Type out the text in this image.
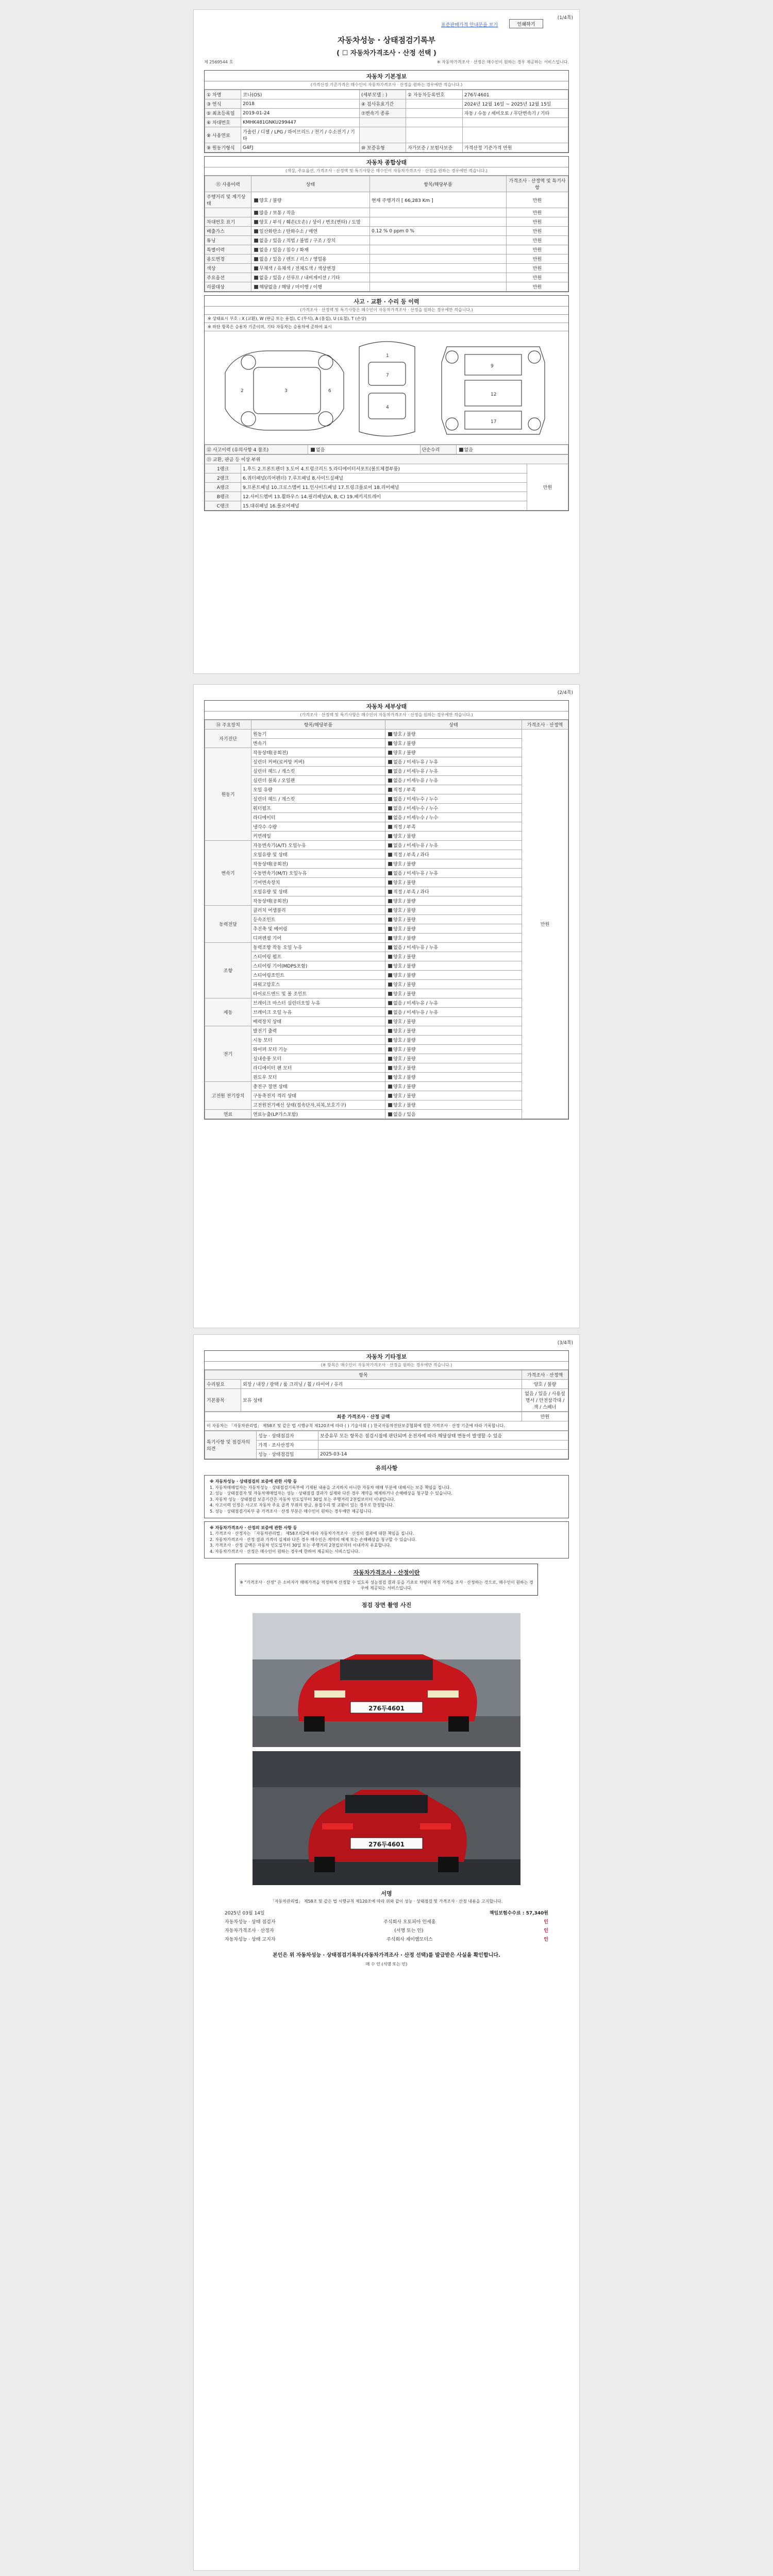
표준판매가격 안내문을 보기	인쇄하기
(1/4쪽)
자동차성능 · 상태점검기록부
( ☐ 자동차가격조사 · 산정 선택 )
제 2569544 호	※ 자동차가격조사 · 산정은 매수인이 원하는 경우 제공하는 서비스입니다.
자동차 기본정보
(가격산정 기준가격은 매수인이 자동차가격조사 · 산정을 원하는 경우에만 적습니다.)
① 차명	코나(OS)	(세부모델 : )	② 자동차등록번호	276두4601
③ 연식	2018	④ 검사유효기간		2024년 12월 16일 ~ 2025년 12월 15일
⑤ 최초등록일	2019-01-24	⑦변속기 종류		자동 / 수동 / 세미오토 / 무단변속기 / 기타
⑥ 차대번호	KMHK481GNKU299447			
⑧ 사용연료	가솔린 / 디젤 / LPG / 하이브리드 / 전기 / 수소전기 / 기타			
⑨ 원동기형식	G4FJ	⑩ 보증유형	자가보증 / 보험사보증	가격산정 기준가격 만원
자동차 종합상태
(색상, 주요옵션, 가격조사 · 산정액 및 특기사항은 매수인이 자동차가격조사 · 산정을 원하는 경우에만 적습니다.)
⑪ 사용이력	상태	항목/해당부품	가격조사 · 산정액 및 특기사항
주행거리 및 계기상태	양호 / 불량	현재 주행거리 [ 66,283 Km ]	만원
	많음 / 보통 / 적음		만원
차대번호 표기	양호 / 부식 / 훼손(오손) / 상이 / 변조(변타) / 도말		만원
배출가스	일산화탄소 / 탄화수소 / 매연	0.12 % 0 ppm 0 %	만원
튜닝	없음 / 있음 / 적법 / 불법 / 구조 / 장치		만원
특별이력	없음 / 있음 / 침수 / 화재		만원
용도변경	없음 / 있음 / 렌트 / 리스 / 영업용		만원
색상	무채색 / 유채색 / 전체도색 / 색상변경		만원
주요옵션	없음 / 있음 / 선루프 / 내비게이션 / 기타		만원
리콜대상	해당없음 / 해당 / 미이행 / 이행		만원
사고 · 교환 · 수리 등 이력
(가격조사 · 산정액 및 특기사항은 매수인이 자동차가격조사 · 산정을 원하는 경우에만 적습니다.)
※ 상태표시 부호 : X (교환), W (판금 또는 용접), C (부식), A (흠집), U (요철), T (손상)
※ 하단 항목은 승용차 기준이며, 기타 자동차는 승용차에 준하여 표시
1
7
4
9
12
17
3
2	6
⑫ 사고이력 (유의사항 4 참조)	없음	단순수리	없음
⑬ 교환, 판금 등 이상 부위		
1랭크	1.후드 2.프론트펜더 3.도어 4.트렁크리드 5.라디에이터서포트(볼트체결부품)	만원
2랭크	6.쿼터패널(리어펜더) 7.루프패널 8.사이드실패널	
A랭크	9.프론트패널 10.크로스멤버 11.인사이드패널 17.트렁크플로어 18.리어패널	
B랭크	12.사이드멤버 13.휠하우스 14.필러패널(A, B, C) 19.패키지트레이	
C랭크	15.대쉬패널 16.플로어패널	
(2/4쪽)
자동차 세부상태
(가격조사 · 산정액 및 특기사항은 매수인이 자동차가격조사 · 산정을 원하는 경우에만 적습니다.)
⑭ 주요장치	항목/해당부품	상태	가격조사 · 산정액
자기진단	원동기	양호 / 불량	만원
	변속기	양호 / 불량	
원동기	작동상태(공회전)	양호 / 불량	
	실린더 커버(로커암 커버)	없음 / 미세누유 / 누유	
	실린더 헤드 / 개스킷	없음 / 미세누유 / 누유	
	실린더 블록 / 오일팬	없음 / 미세누유 / 누유	
	오일 유량	적정 / 부족	
	실린더 헤드 / 개스킷	없음 / 미세누수 / 누수	
	워터펌프	없음 / 미세누수 / 누수	
	라디에이터	없음 / 미세누수 / 누수	
	냉각수 수량	적정 / 부족	
	커먼레일	양호 / 불량	
변속기	자동변속기(A/T) 오일누유	없음 / 미세누유 / 누유	
	오일유량 및 상태	적정 / 부족 / 과다	
	작동상태(공회전)	양호 / 불량	
	수동변속기(M/T) 오일누유	없음 / 미세누유 / 누유	
	기어변속장치	양호 / 불량	
	오일유량 및 상태	적정 / 부족 / 과다	
	작동상태(공회전)	양호 / 불량	
동력전달	클러치 어셈블리	양호 / 불량	
	등속조인트	양호 / 불량	
	추진축 및 베어링	양호 / 불량	
	디퍼렌셜 기어	양호 / 불량	
조향	동력조향 작동 오일 누유	없음 / 미세누유 / 누유	
	스티어링 펌프	양호 / 불량	
	스티어링 기어(MDPS포함)	양호 / 불량	
	스티어링조인트	양호 / 불량	
	파워고압호스	양호 / 불량	
	타이로드엔드 및 볼 조인트	양호 / 불량	
제동	브레이크 마스터 실린더오일 누유	없음 / 미세누유 / 누유	
	브레이크 오일 누유	없음 / 미세누유 / 누유	
	배력장치 상태	양호 / 불량	
전기	발전기 출력	양호 / 불량	
	시동 모터	양호 / 불량	
	와이퍼 모터 기능	양호 / 불량	
	실내송풍 모터	양호 / 불량	
	라디에이터 팬 모터	양호 / 불량	
	윈도우 모터	양호 / 불량	
고전원 전기장치	충전구 절연 상태	양호 / 불량	
	구동축전지 격리 상태	양호 / 불량	
	고전원전기배선 상태(접속단자,피복,보호기구)	양호 / 불량	
연료	연료누출(LP가스포함)	없음 / 있음	
(3/4쪽)
자동차 기타정보
(※ 항목은 매수인이 자동차가격조사 · 산정을 원하는 경우에만 적습니다.)
항목		가격조사 · 산정액
수리필요	외장 / 내장 / 광택 / 룸 크리닝 / 휠 / 타이어 / 유리	양호 / 불량
기본품목	보유 상태	없음 / 있음 / 사용설명서 / 안전삼각대 / 잭 / 스패너
최종 가격조사 · 산정 금액	만원
이 자동차는 「자동차관리법」 제58조 및 같은 법 시행규칙 제120조에 따라 ( ) 기술사회 ( ) 한국자동차진단보증협회에 정한 가격조사 · 산정 기준에 따라 기록합니다.
특기사항 및 점검자의 의견	성능 · 상태점검자	보증유무 모든 항목은 점검시점에 판단되며 운전자에 따라 해당상태 변동이 발생할 수 있음
	가격 · 조사산정자	
	성능 · 상태점검일	2025-03-14
유의사항
※ 자동차성능 · 상태점검의 보증에 관한 사항 등
1. 자동차매매업자는 자동차성능 · 상태점검기록부에 기재된 내용을 고지하지 아니한 자동차 매매 부분에 대해서는 보증 책임을 집니다.
2. 성능 · 상태점검자 및 자동차매매업자는 성능 · 상태점검 결과가 실제와 다른 경우 계약을 해제하거나 손해배상을 청구할 수 있습니다.
3. 자동차 성능 · 상태점검 보증기간은 자동차 인도일부터 30일 또는 주행거리 2천킬로미터 이내입니다.
4. 사고이력 인정은 사고로 자동차 주요 골격 부위의 판금, 용접수리 및 교환이 있는 경우로 한정합니다.
5. 성능 · 상태점검기록부 중 가격조사 · 산정 부분은 매수인이 원하는 경우에만 제공됩니다.
※ 자동차가격조사 · 산정의 보증에 관한 사항 등
1. 가격조사 · 산정자는 「자동차관리법」 제58조의2에 따라 자동차가격조사 · 산정의 결과에 대한 책임을 집니다.
2. 자동차가격조사 · 산정 결과 가격이 실제와 다른 경우 매수인은 계약의 해제 또는 손해배상을 청구할 수 있습니다.
3. 가격조사 · 산정 금액은 자동차 인도일부터 30일 또는 주행거리 2천킬로미터 이내까지 유효합니다.
4. 자동차가격조사 · 산정은 매수인이 원하는 경우에 한하여 제공되는 서비스입니다.
자동차가격조사 · 산정이란
※ "가격조사 · 산정" 은 소비자가 매매가격을 적정하게 산정할 수 있도록 성능점검 결과 등을 기초로 차량의 적정 가격을 조사 · 산정하는 것으로, 매수인이 원하는 경우에 제공되는 서비스입니다.
점검 장면 촬영 사진
276두4601
276두4601
서명
「자동차관리법」 제58조 및 같은 법 시행규칙 제120조에 따라 위와 같이 성능 · 상태점검 및 가격조사 · 산정 내용을 고지합니다.
2025년 03월 14일	책임보험수수료 : 57,340원
자동차성능 · 상태 점검자	주식회사 오토피아 인세홍	인
자동차가격조사 · 산정자	(서명 또는 인)	인
자동차성능 · 상태 고지자	주식회사 제이엠모터스	인
본인은 위 자동차성능 · 상태점검기록부(자동차가격조사 · 산정 선택)를 발급받은 사실을 확인합니다.
매 수 인 (서명 또는 인)
